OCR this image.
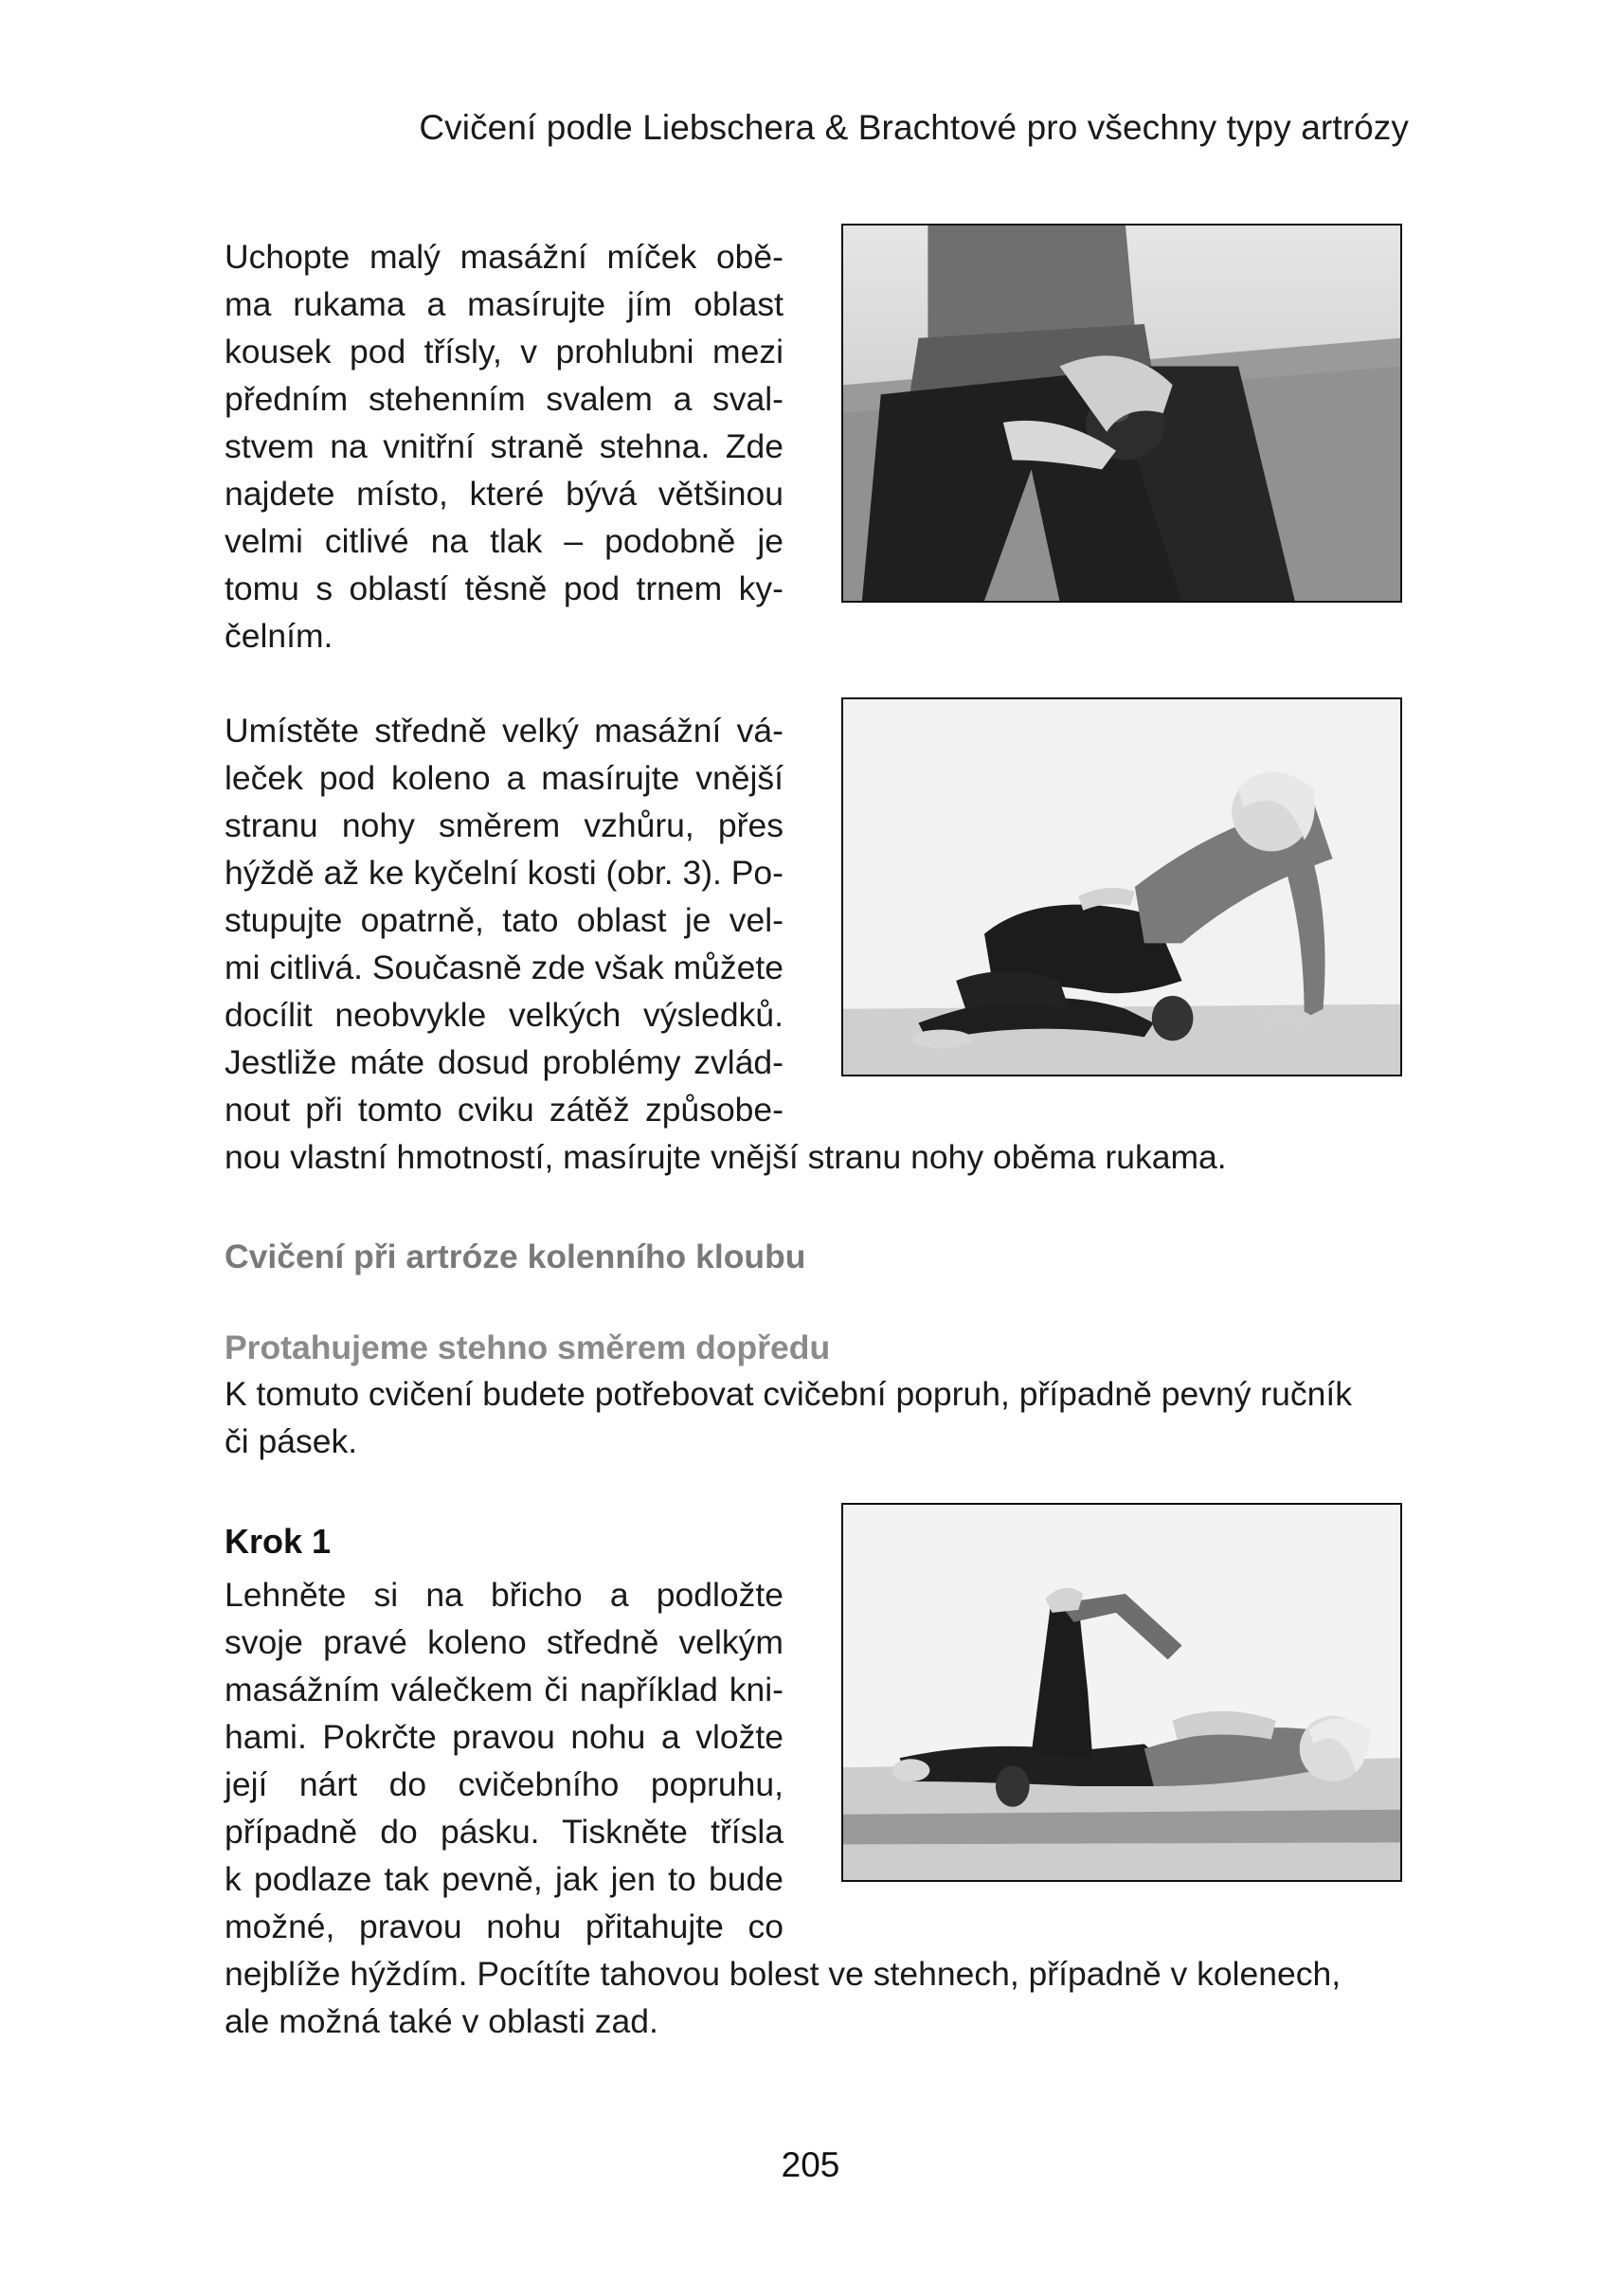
Cvičení podle Liebschera & Brachtové pro všechny typy artrózy

Uchopte malý masážní míček obě-
ma rukama a masírujte jím oblast
kousek pod třísly, v prohlubni mezi
předním stehenním svalem a sval-
stvem na vnitřní straně stehna. Zde
najdete místo, které bývá většinou
velmi citlivé na tlak – podobně je
tomu s oblastí těsně pod trnem ky-
čelním.

Umístěte středně velký masážní vá-
leček pod koleno a masírujte vnější
stranu nohy směrem vzhůru, přes
hýždě až ke kyčelní kosti (obr. 3). Po-
stupujte opatrně, tato oblast je vel-
mi citlivá. Současně zde však můžete
docílit neobvykle velkých výsledků.
Jestliže máte dosud problémy zvlád-
nout při tomto cviku zátěž způsobe-

nou vlastní hmotností, masírujte vnější stranu nohy oběma rukama.

Cvičení při artróze kolenního kloubu
Protahujeme stehno směrem dopředu

K tomuto cvičení budete potřebovat cvičební popruh, případně pevný ručník
či pásek.

Krok 1

Lehněte si na břicho a podložte
svoje pravé koleno středně velkým
masážním válečkem či například kni-
hami. Pokrčte pravou nohu a vložte
její nárt do cvičebního popruhu,
případně do pásku. Tiskněte třísla
k podlaze tak pevně, jak jen to bude
možné, pravou nohu přitahujte co

nejblíže hýždím. Pocítíte tahovou bolest ve stehnech, případně v kolenech,
ale možná také v oblasti zad.

205
